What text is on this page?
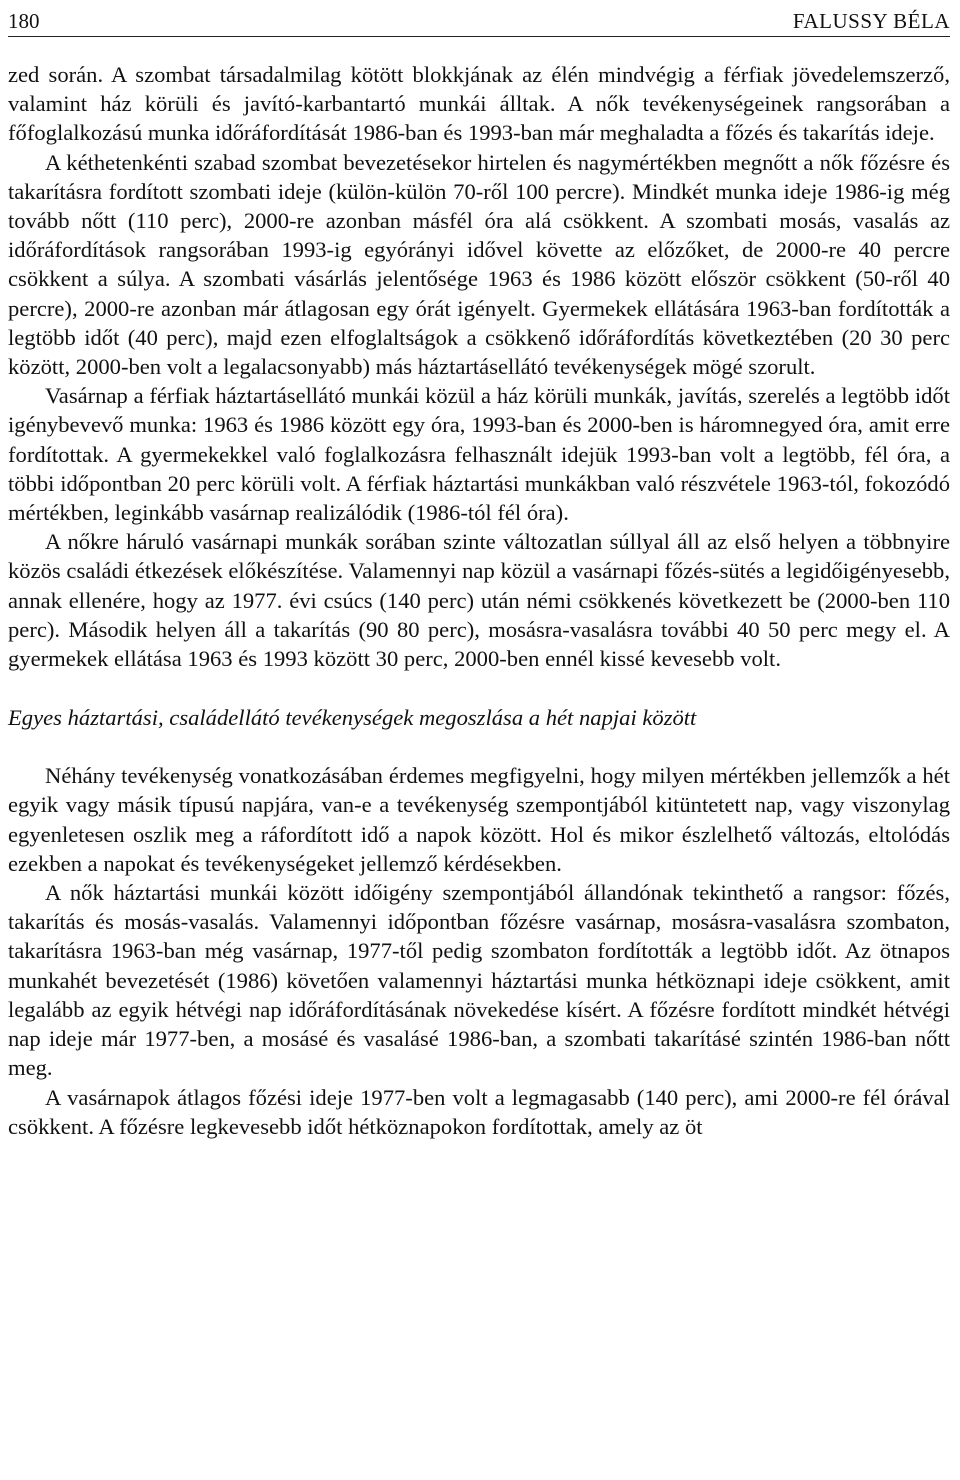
180	FALUSSY BÉLA

zed során. A szombat társadalmilag kötött blokkjának az élén mindvégig a férfiak jövedelemszerző, valamint ház körüli és javító-karbantartó munkái álltak. A nők tevékenységeinek rangsorában a főfoglalkozású munka időráfordítását 1986-ban és 1993-ban már meghaladta a főzés és takarítás ideje.

A kéthetenkénti szabad szombat bevezetésekor hirtelen és nagymértékben megnőtt a nők főzésre és takarításra fordított szombati ideje (külön-külön 70-ről 100 percre). Mindkét munka ideje 1986-ig még tovább nőtt (110 perc), 2000-re azonban másfél óra alá csökkent. A szombati mosás, vasalás az időráfordítások rangsorában 1993-ig egyórányi idővel követte az előzőket, de 2000-re 40 percre csökkent a súlya. A szombati vásárlás jelentősége 1963 és 1986 között először csökkent (50-ről 40 percre), 2000-re azonban már átlagosan egy órát igényelt. Gyermekek ellátására 1963-ban fordították a legtöbb időt (40 perc), majd ezen elfoglaltságok a csökkenő időráfordítás következtében (20 30 perc között, 2000-ben volt a legalacsonyabb) más háztartásellátó tevékenységek mögé szorult.

Vasárnap a férfiak háztartásellátó munkái közül a ház körüli munkák, javítás, szerelés a legtöbb időt igénybevevő munka: 1963 és 1986 között egy óra, 1993-ban és 2000-ben is háromnegyed óra, amit erre fordítottak. A gyermekekkel való foglalkozásra felhasznált idejük 1993-ban volt a legtöbb, fél óra, a többi időpontban 20 perc körüli volt. A férfiak háztartási munkákban való részvétele 1963-tól, fokozódó mértékben, leginkább vasárnap realizálódik (1986-tól fél óra).

A nőkre háruló vasárnapi munkák sorában szinte változatlan súllyal áll az első helyen a többnyire közös családi étkezések előkészítése. Valamennyi nap közül a vasárnapi főzés-sütés a legidőigényesebb, annak ellenére, hogy az 1977. évi csúcs (140 perc) után némi csökkenés következett be (2000-ben 110 perc). Második helyen áll a takarítás (90 80 perc), mosásra-vasalásra további 40 50 perc megy el. A gyermekek ellátása 1963 és 1993 között 30 perc, 2000-ben ennél kissé kevesebb volt.

Egyes háztartási, családellátó tevékenységek megoszlása a hét napjai között

Néhány tevékenység vonatkozásában érdemes megfigyelni, hogy milyen mértékben jellemzők a hét egyik vagy másik típusú napjára, van-e a tevékenység szempontjából kitüntetett nap, vagy viszonylag egyenletesen oszlik meg a ráfordított idő a napok között. Hol és mikor észlelhető változás, eltolódás ezekben a napokat és tevékenységeket jellemző kérdésekben.

A nők háztartási munkái között időigény szempontjából állandónak tekinthető a rangsor: főzés, takarítás és mosás-vasalás. Valamennyi időpontban főzésre vasárnap, mosásra-vasalásra szombaton, takarításra 1963-ban még vasárnap, 1977-től pedig szombaton fordították a legtöbb időt. Az ötnapos munkahét bevezetését (1986) követően valamennyi háztartási munka hétköznapi ideje csökkent, amit legalább az egyik hétvégi nap időráfordításának növekedése kísért. A főzésre fordított mindkét hétvégi nap ideje már 1977-ben, a mosásé és vasalásé 1986-ban, a szombati takarításé szintén 1986-ban nőtt meg.

A vasárnapok átlagos főzési ideje 1977-ben volt a legmagasabb (140 perc), ami 2000-re fél órával csökkent. A főzésre legkevesebb időt hétköznapokon fordítottak, amely az öt
